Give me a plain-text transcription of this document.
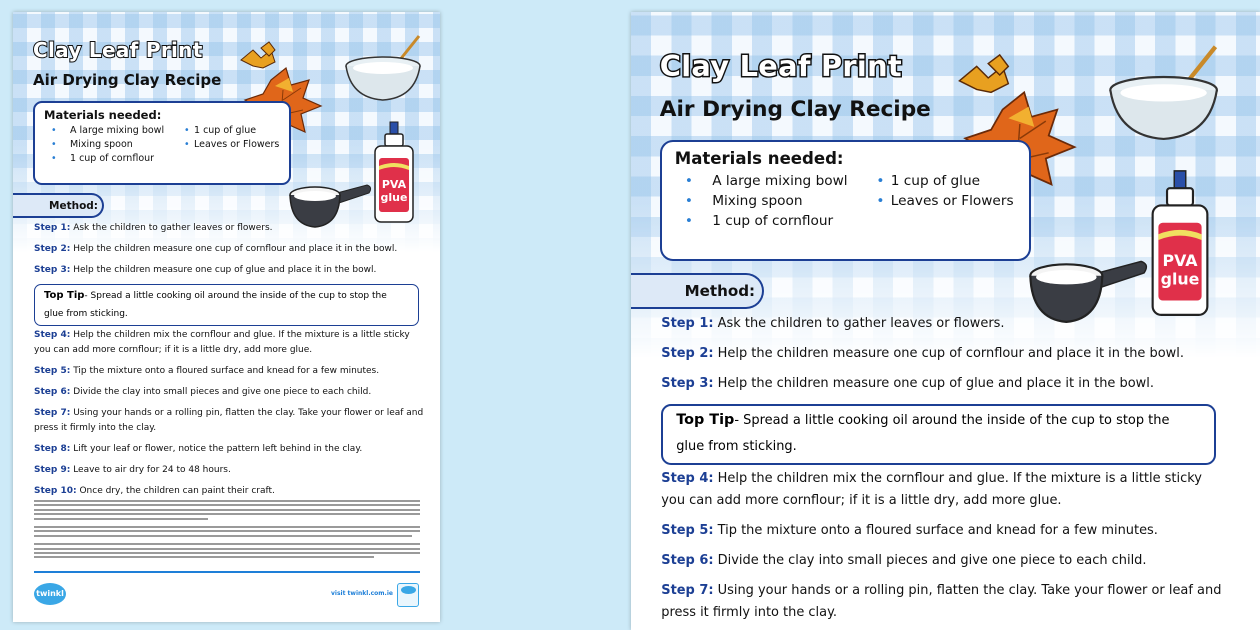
PVA
glue
Clay Leaf Print
Air Drying Clay Recipe
Materials needed:
• A large mixing bowl	• 1 cup of glue
• Mixing spoon	• Leaves or Flowers
• 1 cup of cornflour
Method:
Step 1: Ask the children to gather leaves or flowers.
Step 2: Help the children measure one cup of cornflour and place it in the bowl.
Step 3: Help the children measure one cup of glue and place it in the bowl.
Top Tip- Spread a little cooking oil around the inside of the cup to stop the glue from sticking.
Step 4: Help the children mix the cornflour and glue. If the mixture is a little sticky you can add more cornflour; if it is a little dry, add more glue.
Step 5: Tip the mixture onto a floured surface and knead for a few minutes.
Step 6: Divide the clay into small pieces and give one piece to each child.
Step 7: Using your hands or a rolling pin, flatten the clay. Take your flower or leaf and press it firmly into the clay.
Step 8: Lift your leaf or flower, notice the pattern left behind in the clay.
Step 9: Leave to air dry for 24 to 48 hours.
Step 10: Once dry, the children can paint their craft.
twinkl	visit twinkl.com.ie
PVA
glue
Clay Leaf Print
Air Drying Clay Recipe
Materials needed:
• A large mixing bowl	• 1 cup of glue
• Mixing spoon	• Leaves or Flowers
• 1 cup of cornflour
Method:
Step 1: Ask the children to gather leaves or flowers.
Step 2: Help the children measure one cup of cornflour and place it in the bowl.
Step 3: Help the children measure one cup of glue and place it in the bowl.
Top Tip- Spread a little cooking oil around the inside of the cup to stop the glue from sticking.
Step 4: Help the children mix the cornflour and glue. If the mixture is a little sticky you can add more cornflour; if it is a little dry, add more glue.
Step 5: Tip the mixture onto a floured surface and knead for a few minutes.
Step 6: Divide the clay into small pieces and give one piece to each child.
Step 7: Using your hands or a rolling pin, flatten the clay. Take your flower or leaf and press it firmly into the clay.
